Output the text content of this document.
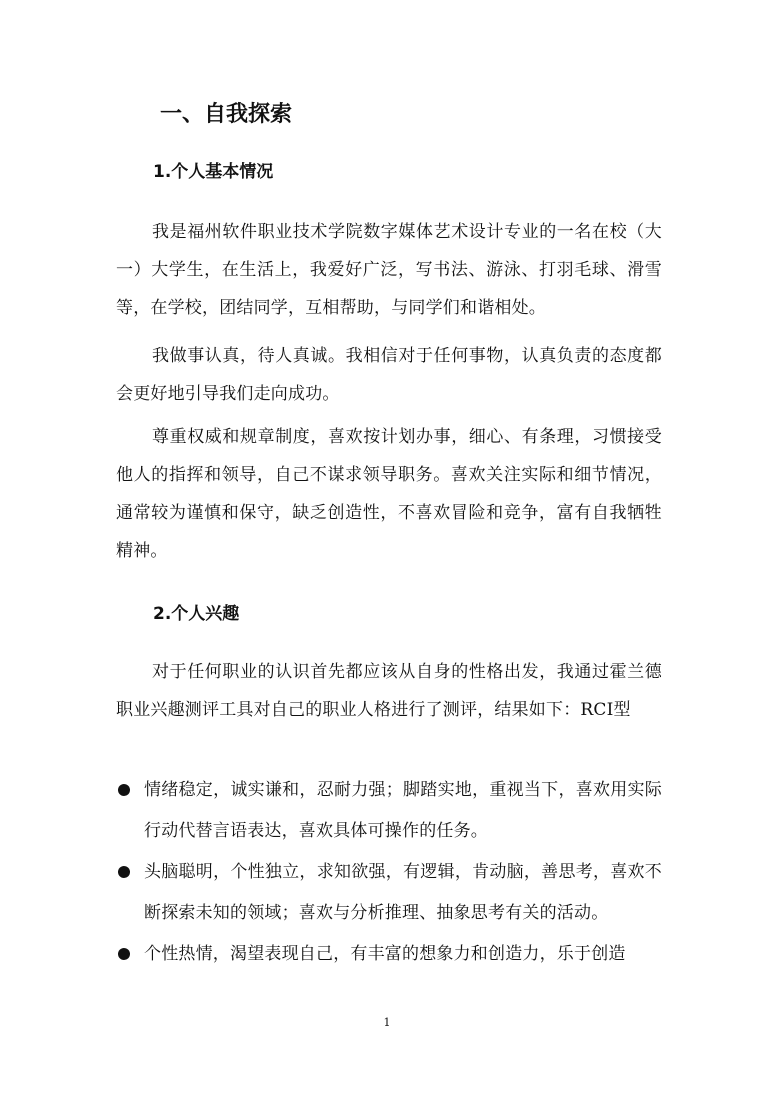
一、自我探索
1.个人基本情况

我是福州软件职业技术学院数字媒体艺术设计专业的一名在校（大一）大学生，在生活上，我爱好广泛，写书法、游泳、打羽毛球、滑雪等，在学校，团结同学，互相帮助，与同学们和谐相处。

我做事认真，待人真诚。我相信对于任何事物，认真负责的态度都会更好地引导我们走向成功。

尊重权威和规章制度，喜欢按计划办事，细心、有条理，习惯接受他人的指挥和领导，自己不谋求领导职务。喜欢关注实际和细节情况，通常较为谨慎和保守，缺乏创造性，不喜欢冒险和竞争，富有自我牺牲精神。

2.个人兴趣

对于任何职业的认识首先都应该从自身的性格出发，我通过霍兰德职业兴趣测评工具对自己的职业人格进行了测评，结果如下：RCI型

情绪稳定，诚实谦和，忍耐力强；脚踏实地，重视当下，喜欢用实际行动代替言语表达，喜欢具体可操作的任务。
头脑聪明，个性独立，求知欲强，有逻辑，肯动脑，善思考，喜欢不断探索未知的领域；喜欢与分析推理、抽象思考有关的活动。
个性热情，渴望表现自己，有丰富的想象力和创造力，乐于创造
1
